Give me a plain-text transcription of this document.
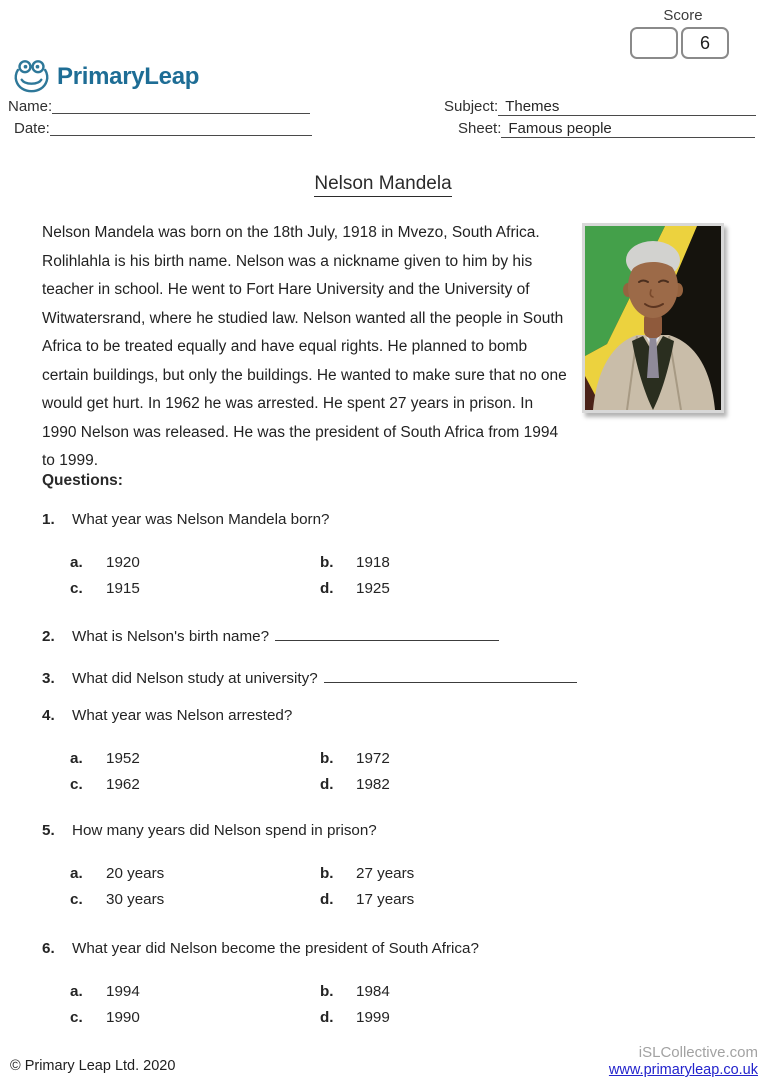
Score
6
PrimaryLeap
Name:
Date:
Subject: Themes
Sheet: Famous people
Nelson Mandela
Nelson Mandela was born on the 18th July, 1918 in Mvezo, South Africa. Rolihlahla is his birth name. Nelson was a nickname given to him by his teacher in school. He went to Fort Hare University and the University of Witwatersrand, where he studied law. Nelson wanted all the people in South Africa to be treated equally and have equal rights. He planned to bomb certain buildings, but only the buildings. He wanted to make sure that no one would get hurt. In 1962 he was arrested. He spent 27 years in prison. In 1990 Nelson was released. He was the president of South Africa from 1994 to 1999.
Questions:
1.	What year was Nelson Mandela born?
a.	1920	b.	1918
c.	1915	d.	1925
2.	What is Nelson's birth name?
3.	What did Nelson study at university?
4.	What year was Nelson arrested?
a.	1952	b.	1972
c.	1962	d.	1982
5.	How many years did Nelson spend in prison?
a.	20 years	b.	27 years
c.	30 years	d.	17 years
6.	What year did Nelson become the president of South Africa?
a.	1994	b.	1984
c.	1990	d.	1999
© Primary Leap Ltd. 2020
iSLCollective.com
www.primaryleap.co.uk
